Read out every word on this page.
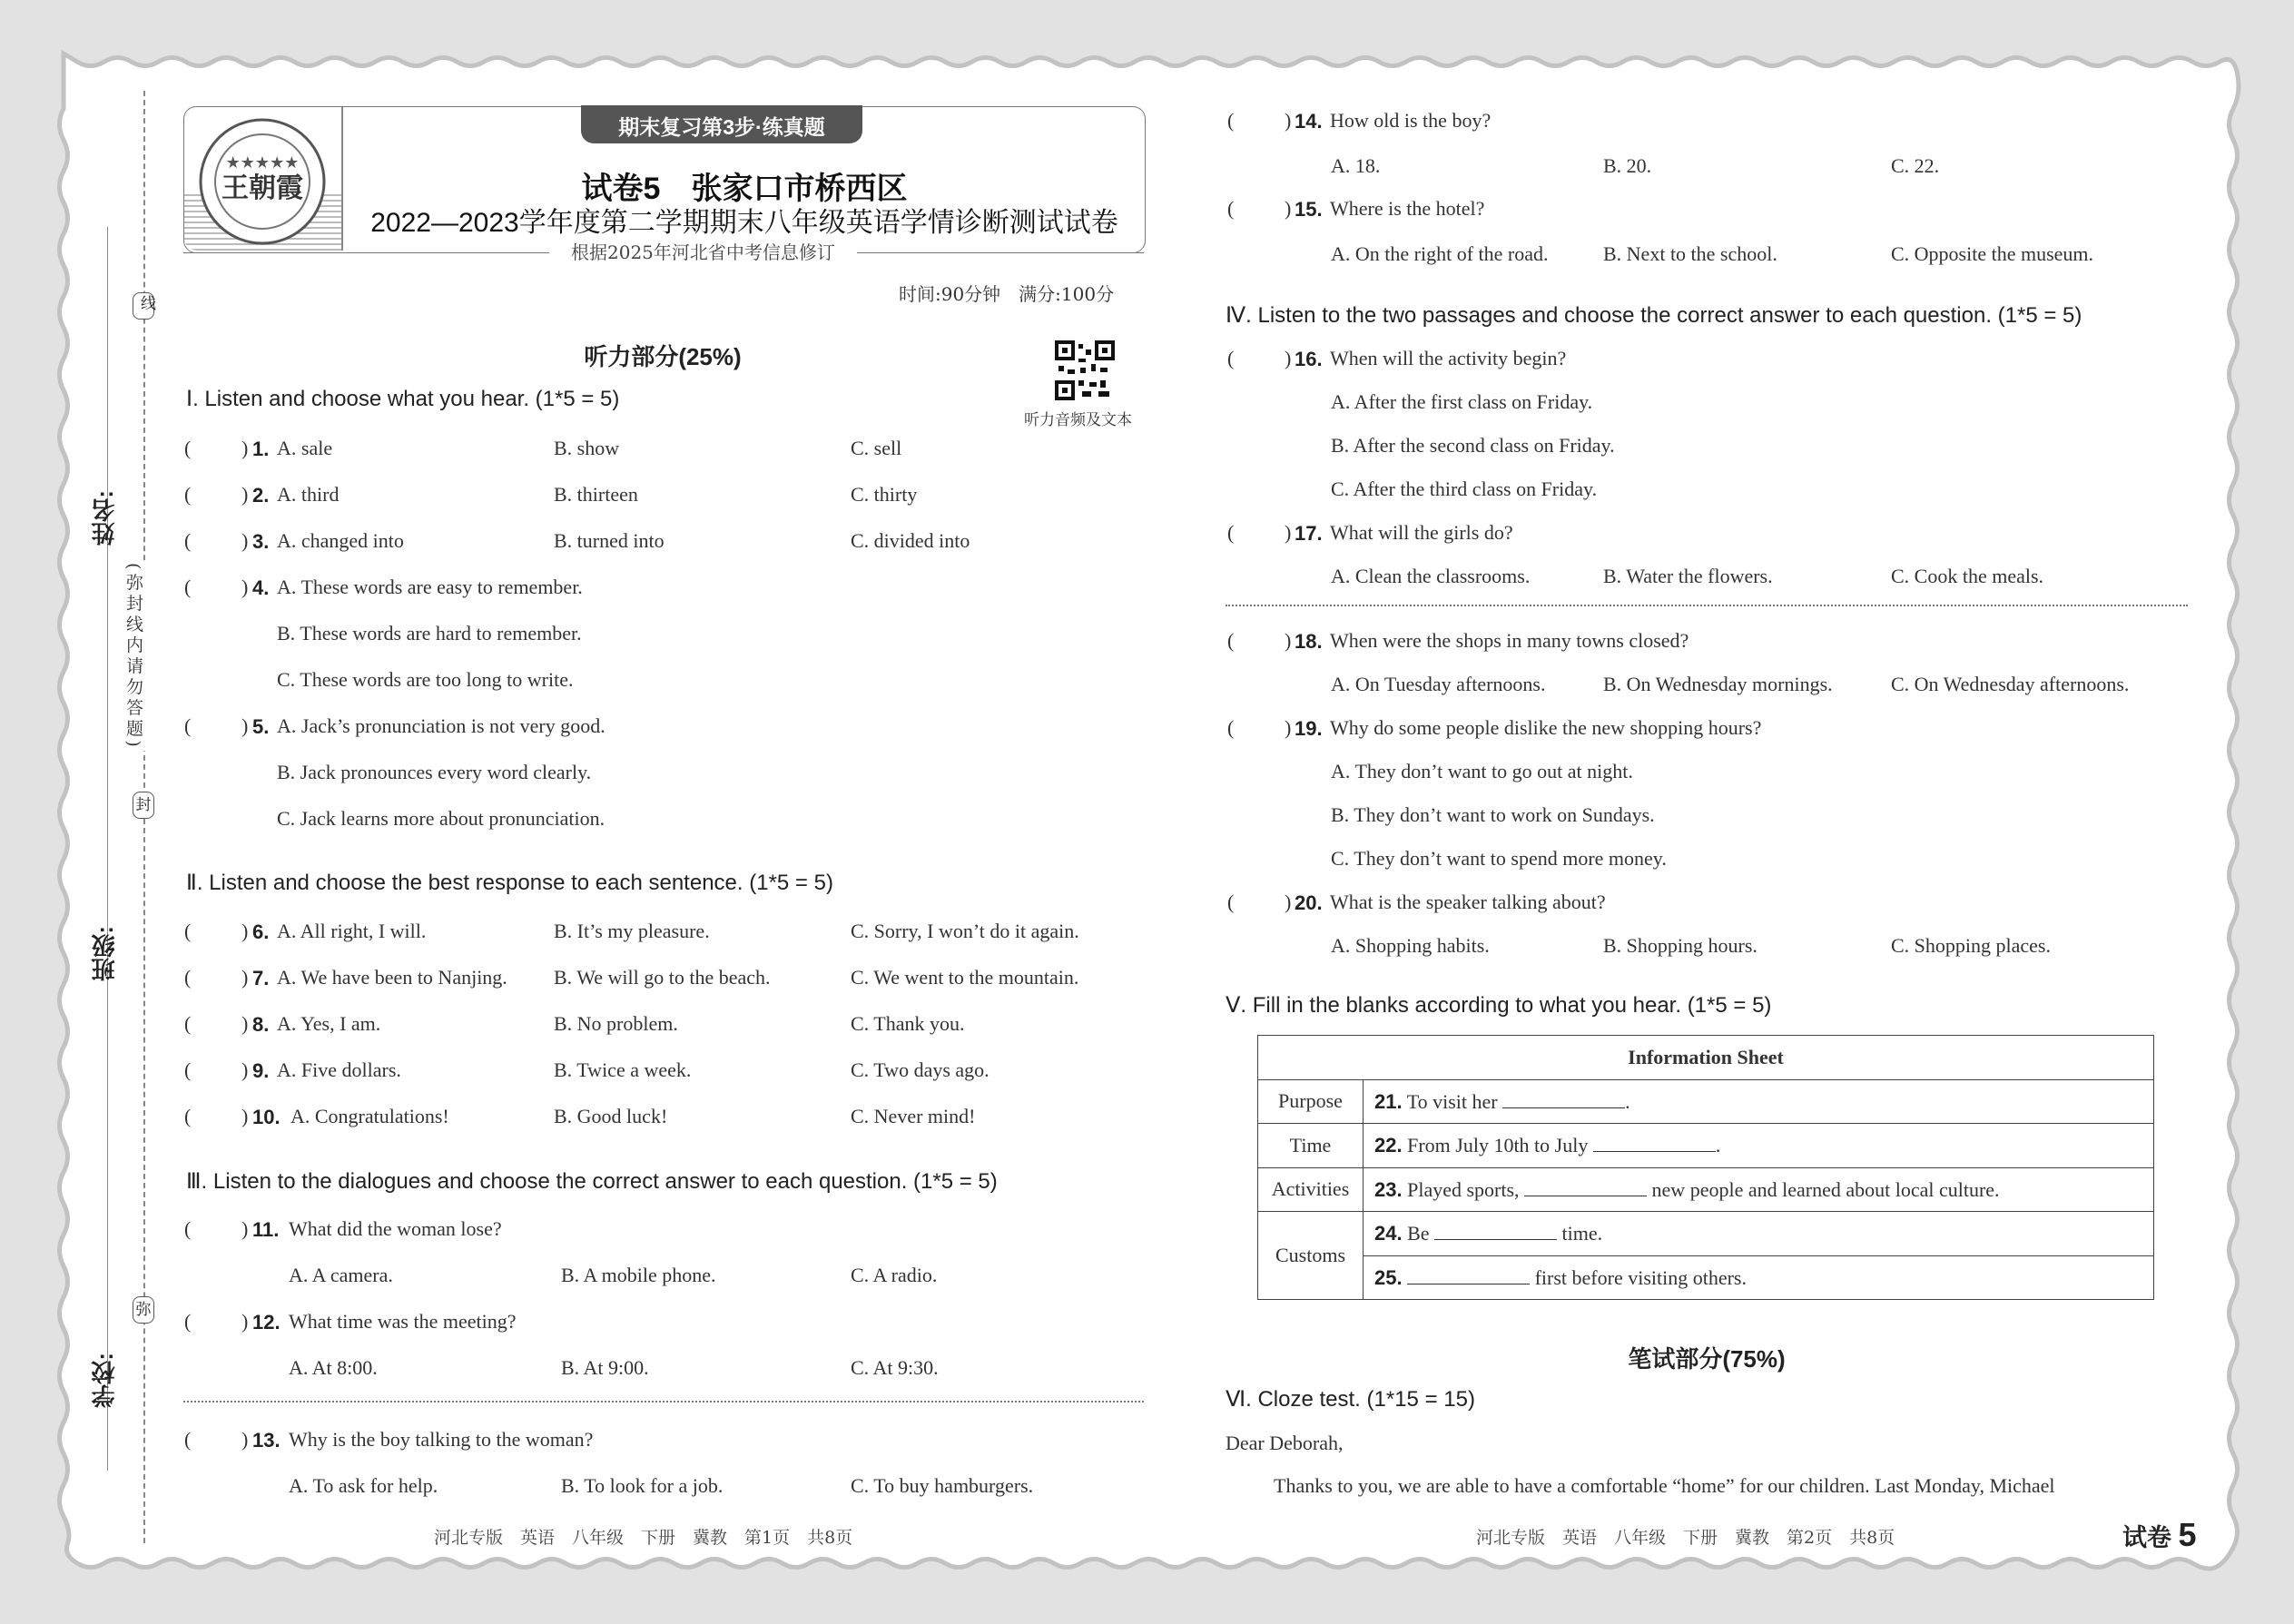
姓名:
班级:
学校:
线
封
弥
(弥封线内请勿答题)
★★★★★
王朝霞
期末复习第3步·练真题
试卷5　张家口市桥西区
2022—2023学年度第二学期期末八年级英语学情诊断测试试卷
根据2025年河北省中考信息修订
时间:90分钟　满分:100分
听力音频及文本
听力部分(25%)
Ⅰ. Listen and choose what you hear. (1*5 = 5)
Ⅱ. Listen and choose the best response to each sentence. (1*5 = 5)
Ⅲ. Listen to the dialogues and choose the correct answer to each question. (1*5 = 5)
Ⅳ. Listen to the two passages and choose the correct answer to each question. (1*5 = 5)
Ⅴ. Fill in the blanks according to what you hear. (1*5 = 5)
Information Sheet	
Purpose	21. To visit her .
Time	22. From July 10th to July .
Activities	23. Played sports, new people and learned about local culture.
Customs	24. Be time.
	25. first before visiting others.
笔试部分(75%)
Ⅵ. Cloze test. (1*15 = 15)
Dear Deborah,
Thanks to you, we are able to have a comfortable “home” for our children. Last Monday, Michael
河北专版　英语　八年级　下册　冀教　第1页　共8页	河北专版　英语　八年级　下册　冀教　第2页　共8页	试卷 5
(	) 1. A. sale	B. show	C. sell
(	) 2. A. third	B. thirteen	C. thirty
(	) 3. A. changed into	B. turned into	C. divided into
(	) 4. A. These words are easy to remember.
B. These words are hard to remember.
C. These words are too long to write.
(	) 5. A. Jack’s pronunciation is not very good.
B. Jack pronounces every word clearly.
C. Jack learns more about pronunciation.
(	) 6. A. All right, I will.	B. It’s my pleasure.	C. Sorry, I won’t do it again.
(	) 7. A. We have been to Nanjing. B. We will go to the beach.	C. We went to the mountain.
(	) 8. A. Yes, I am.	B. No problem.	C. Thank you.
(	) 9. A. Five dollars.	B. Twice a week.	C. Two days ago.
(	) 10. A. Congratulations!	B. Good luck!	C. Never mind!
(	) 11. What did the woman lose?
A. A camera.	B. A mobile phone.	C. A radio.
(	) 12. What time was the meeting?
A. At 8:00.	B. At 9:00.	C. At 9:30.
(	) 13. Why is the boy talking to the woman?
A. To ask for help.	B. To look for a job.	C. To buy hamburgers.
(	) 14. How old is the boy?
A. 18.	B. 20.	C. 22.
(	) 15. Where is the hotel?
A. On the right of the road.	B. Next to the school.	C. Opposite the museum.
(	) 16. When will the activity begin?
A. After the first class on Friday.
B. After the second class on Friday.
C. After the third class on Friday.
(	) 17. What will the girls do?
A. Clean the classrooms.	B. Water the flowers.	C. Cook the meals.
(	) 18. When were the shops in many towns closed?
A. On Tuesday afternoons.	B. On Wednesday mornings.	C. On Wednesday afternoons.
(	) 19. Why do some people dislike the new shopping hours?
A. They don’t want to go out at night.
B. They don’t want to work on Sundays.
C. They don’t want to spend more money.
(	) 20. What is the speaker talking about?
A. Shopping habits.	B. Shopping hours.	C. Shopping places.
